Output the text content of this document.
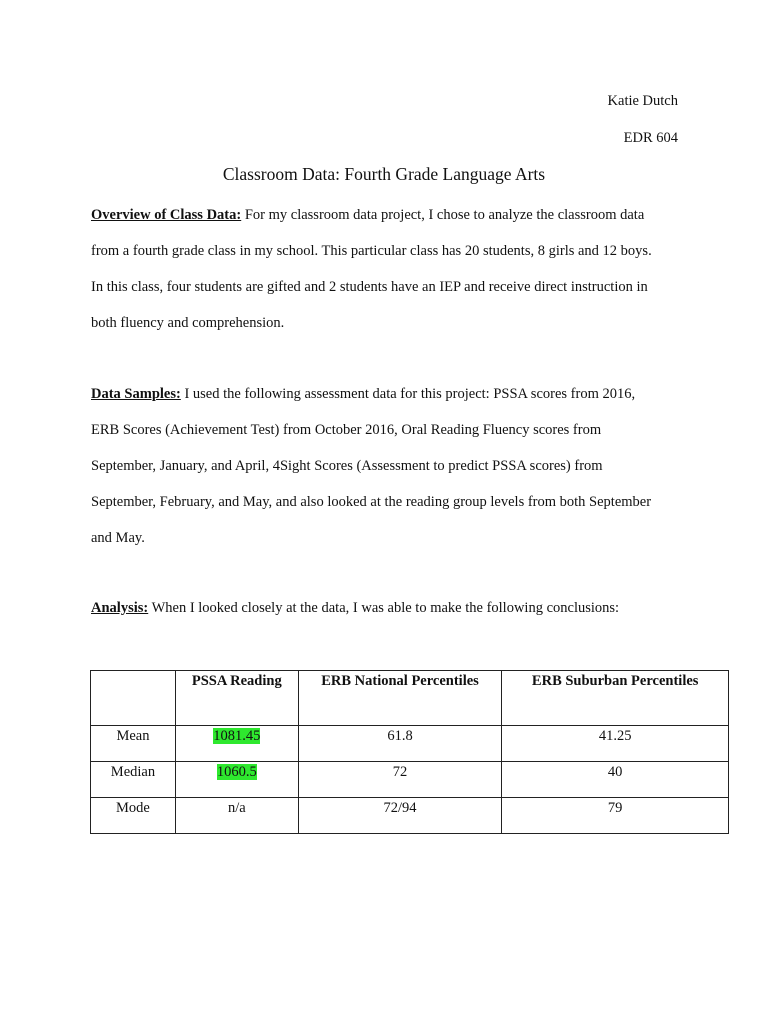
Katie Dutch
EDR 604
Classroom Data: Fourth Grade Language Arts
Overview of Class Data: For my classroom data project, I chose to analyze the classroom data
from a fourth grade class in my school. This particular class has 20 students, 8 girls and 12 boys.
In this class, four students are gifted and 2 students have an IEP and receive direct instruction in
both fluency and comprehension.
Data Samples: I used the following assessment data for this project: PSSA scores from 2016,
ERB Scores (Achievement Test) from October 2016, Oral Reading Fluency scores from
September, January, and April, 4Sight Scores (Assessment to predict PSSA scores) from
September, February, and May, and also looked at the reading group levels from both September
and May.
Analysis: When I looked closely at the data, I was able to make the following conclusions:
	PSSA Reading	ERB National Percentiles	ERB Suburban Percentiles
Mean	1081.45	61.8	41.25
Median	1060.5	72	40
Mode	n/a	72/94	79
